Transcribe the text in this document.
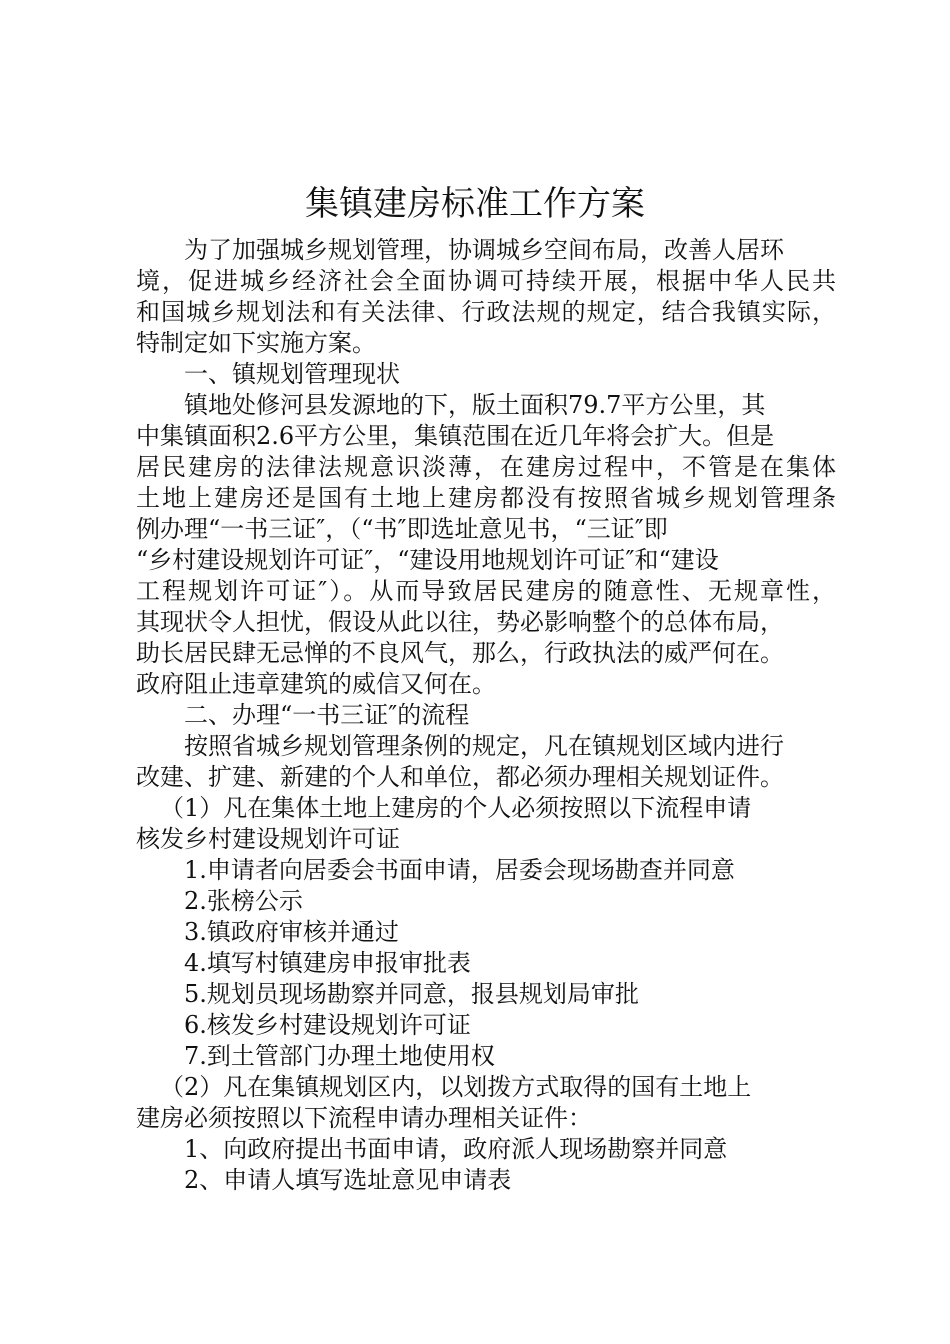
集镇建房标准工作方案
为了加强城乡规划管理，协调城乡空间布局，改善人居环
境，促进城乡经济社会全面协调可持续开展，根据中华人民共
和国城乡规划法和有关法律、行政法规的规定，结合我镇实际，
特制定如下实施方案。
一、镇规划管理现状
镇地处修河县发源地的下，版土面积79.7平方公里，其
中集镇面积2.6平方公里，集镇范围在近几年将会扩大。但是
居民建房的法律法规意识淡薄，在建房过程中，不管是在集体
土地上建房还是国有土地上建房都没有按照省城乡规划管理条
例办理“一书三证″，（“书″即选址意见书，“三证″即
“乡村建设规划许可证″，“建设用地规划许可证″和“建设
工程规划许可证″）。从而导致居民建房的随意性、无规章性，
其现状令人担忧，假设从此以往，势必影响整个的总体布局，
助长居民肆无忌惮的不良风气，那么，行政执法的威严何在。
政府阻止违章建筑的威信又何在。
二、办理“一书三证″的流程
按照省城乡规划管理条例的规定，凡在镇规划区域内进行
改建、扩建、新建的个人和单位，都必须办理相关规划证件。
（1）凡在集体土地上建房的个人必须按照以下流程申请
核发乡村建设规划许可证
1.申请者向居委会书面申请，居委会现场勘查并同意
2.张榜公示
3.镇政府审核并通过
4.填写村镇建房申报审批表
5.规划员现场勘察并同意，报县规划局审批
6.核发乡村建设规划许可证
7.到土管部门办理土地使用权
（2）凡在集镇规划区内，以划拨方式取得的国有土地上
建房必须按照以下流程申请办理相关证件：
1、向政府提出书面申请，政府派人现场勘察并同意
2、申请人填写选址意见申请表
